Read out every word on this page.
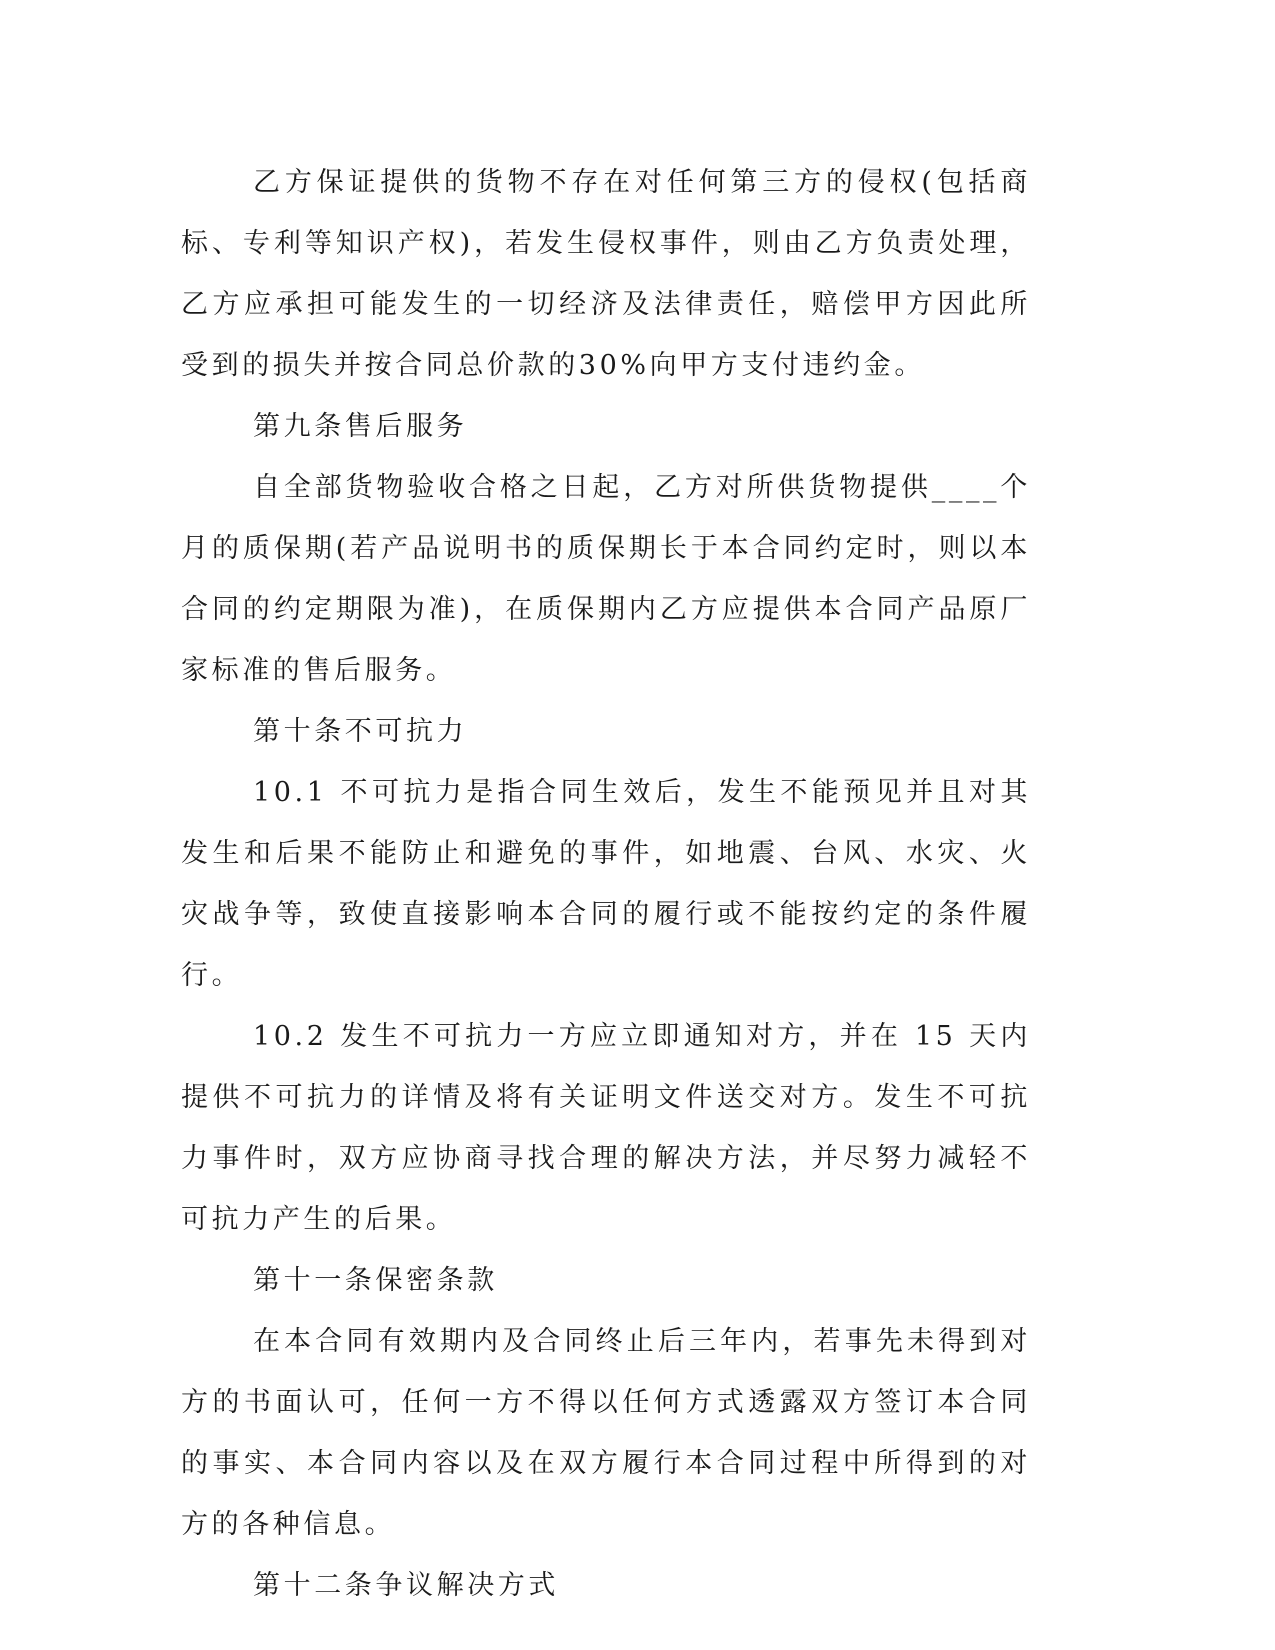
乙方保证提供的货物不存在对任何第三方的侵权(包括商标、专利等知识产权)，若发生侵权事件，则由乙方负责处理，乙方应承担可能发生的一切经济及法律责任，赔偿甲方因此所受到的损失并按合同总价款的30%向甲方支付违约金。

第九条售后服务

自全部货物验收合格之日起，乙方对所供货物提供____个月的质保期(若产品说明书的质保期长于本合同约定时，则以本合同的约定期限为准)，在质保期内乙方应提供本合同产品原厂家标准的售后服务。

第十条不可抗力

10.1 不可抗力是指合同生效后，发生不能预见并且对其发生和后果不能防止和避免的事件，如地震、台风、水灾、火灾战争等，致使直接影响本合同的履行或不能按约定的条件履行。

10.2 发生不可抗力一方应立即通知对方，并在 15 天内提供不可抗力的详情及将有关证明文件送交对方。发生不可抗力事件时，双方应协商寻找合理的解决方法，并尽努力减轻不可抗力产生的后果。

第十一条保密条款

在本合同有效期内及合同终止后三年内，若事先未得到对方的书面认可，任何一方不得以任何方式透露双方签订本合同的事实、本合同内容以及在双方履行本合同过程中所得到的对方的各种信息。

第十二条争议解决方式
